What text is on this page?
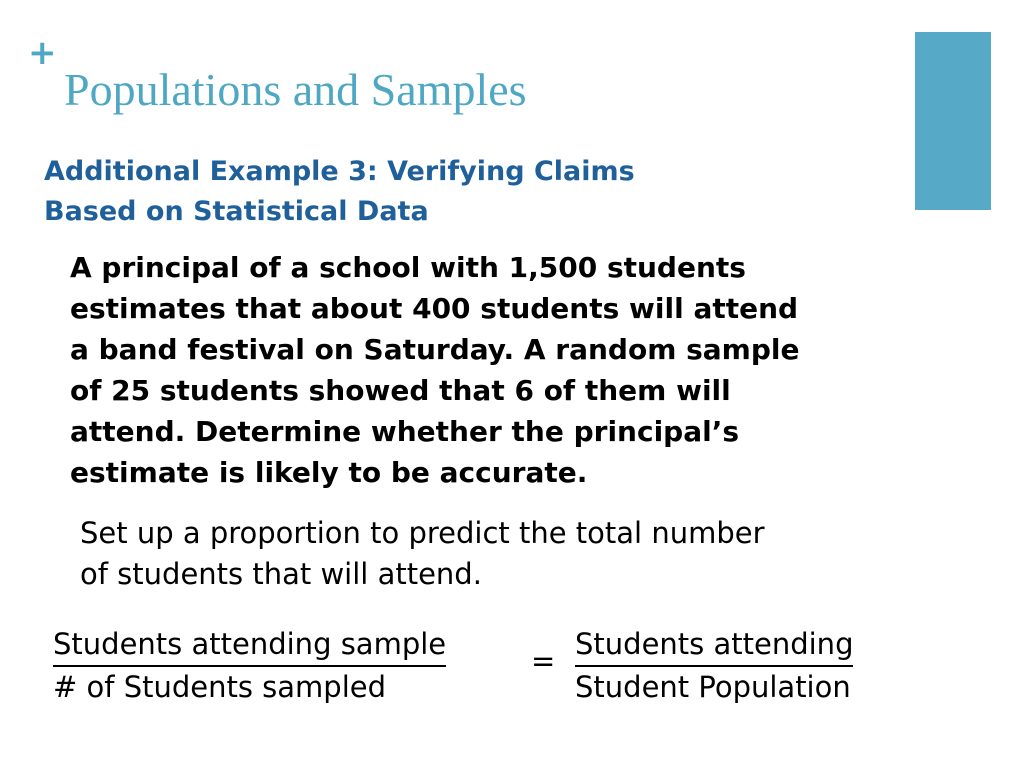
+
Populations and Samples
Additional Example 3: Verifying Claims
Based on Statistical Data
A principal of a school with 1,500 students
estimates that about 400 students will attend
a band festival on Saturday. A random sample
of 25 students showed that 6 of them will
attend. Determine whether the principal’s
estimate is likely to be accurate.
Set up a proportion to predict the total number
of students that will attend.
Students attending sample
# of Students sampled
= Students attending
Student Population
